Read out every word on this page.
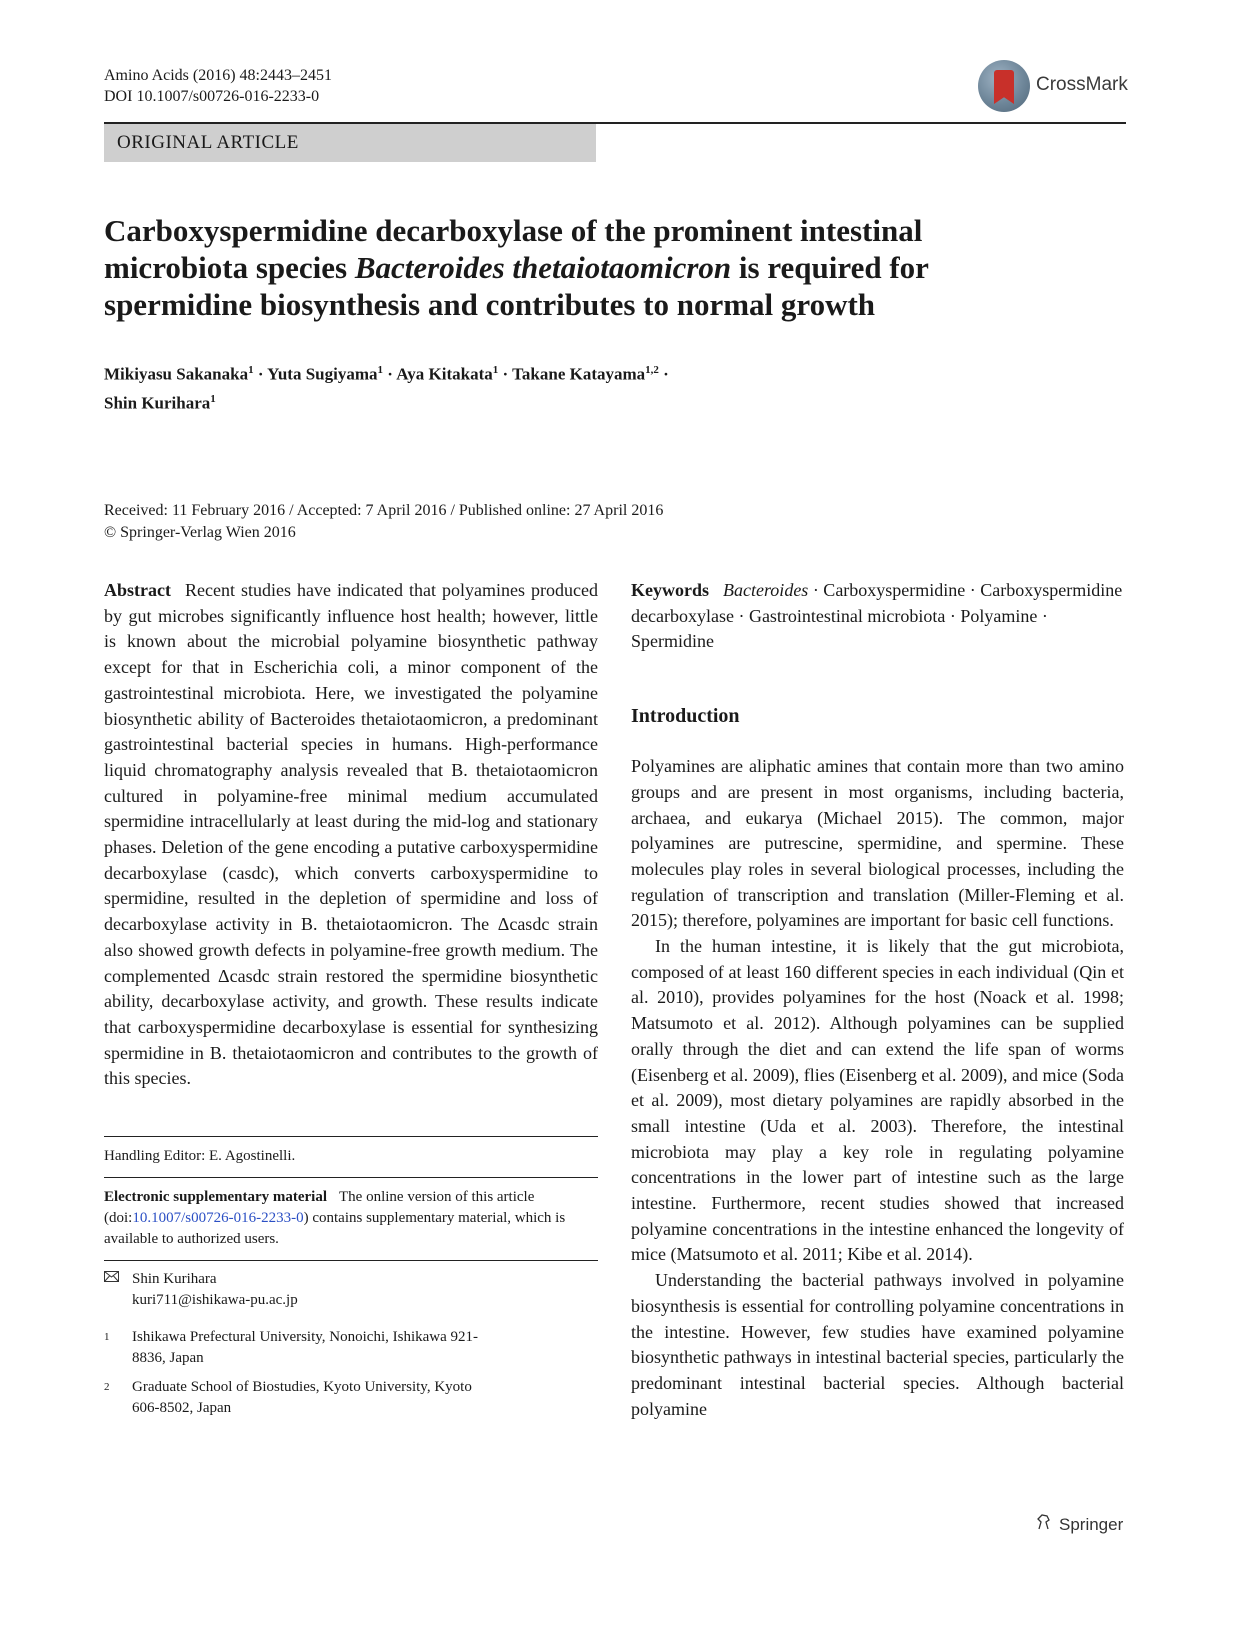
Amino Acids (2016) 48:2443–2451
DOI 10.1007/s00726-016-2233-0
CrossMark
ORIGINAL ARTICLE
Carboxyspermidine decarboxylase of the prominent intestinal microbiota species Bacteroides thetaiotaomicron is required for spermidine biosynthesis and contributes to normal growth
Mikiyasu Sakanaka$^1$ · Yuta Sugiyama$^1$ · Aya Kitakata$^1$ · Takane Katayama$^{1,2}$ ·
Shin Kurihara$^1$
Received: 11 February 2016 / Accepted: 7 April 2016 / Published online: 27 April 2016
© Springer-Verlag Wien 2016

Abstract Recent studies have indicated that polyamines produced by gut microbes significantly influence host health; however, little is known about the microbial polyamine biosynthetic pathway except for that in Escherichia coli, a minor component of the gastrointestinal microbiota. Here, we investigated the polyamine biosynthetic ability of Bacteroides thetaiotaomicron, a predominant gastrointestinal bacterial species in humans. High-performance liquid chromatography analysis revealed that B. thetaiotaomicron cultured in polyamine-free minimal medium accumulated spermidine intracellularly at least during the mid-log and stationary phases. Deletion of the gene encoding a putative carboxyspermidine decarboxylase (casdc), which converts carboxyspermidine to spermidine, resulted in the depletion of spermidine and loss of decarboxylase activity in B. thetaiotaomicron. The Δcasdc strain also showed growth defects in polyamine-free growth medium. The complemented Δcasdc strain restored the spermidine biosynthetic ability, decarboxylase activity, and growth. These results indicate that carboxyspermidine decarboxylase is essential for synthesizing spermidine in B. thetaiotaomicron and contributes to the growth of this species.

Handling Editor: E. Agostinelli.
Electronic supplementary material The online version of this article (doi:10.1007/s00726-016-2233-0) contains supplementary material, which is available to authorized users.
Shin Kurihara
kuri711@ishikawa-pu.ac.jp
1	Ishikawa Prefectural University, Nonoichi, Ishikawa 921-8836, Japan
2	Graduate School of Biostudies, Kyoto University, Kyoto 606-8502, Japan

Keywords Bacteroides · Carboxyspermidine · Carboxyspermidine decarboxylase · Gastrointestinal microbiota · Polyamine · Spermidine

Introduction

Polyamines are aliphatic amines that contain more than two amino groups and are present in most organisms, including bacteria, archaea, and eukarya (Michael 2015). The common, major polyamines are putrescine, spermidine, and spermine. These molecules play roles in several biological processes, including the regulation of transcription and translation (Miller-Fleming et al. 2015); therefore, polyamines are important for basic cell functions.

In the human intestine, it is likely that the gut microbiota, composed of at least 160 different species in each individual (Qin et al. 2010), provides polyamines for the host (Noack et al. 1998; Matsumoto et al. 2012). Although polyamines can be supplied orally through the diet and can extend the life span of worms (Eisenberg et al. 2009), flies (Eisenberg et al. 2009), and mice (Soda et al. 2009), most dietary polyamines are rapidly absorbed in the small intestine (Uda et al. 2003). Therefore, the intestinal microbiota may play a key role in regulating polyamine concentrations in the lower part of intestine such as the large intestine. Furthermore, recent studies showed that increased polyamine concentrations in the intestine enhanced the longevity of mice (Matsumoto et al. 2011; Kibe et al. 2014).

Understanding the bacterial pathways involved in polyamine biosynthesis is essential for controlling polyamine concentrations in the intestine. However, few studies have examined polyamine biosynthetic pathways in intestinal bacterial species, particularly the predominant intestinal bacterial species. Although bacterial polyamine

Springer
